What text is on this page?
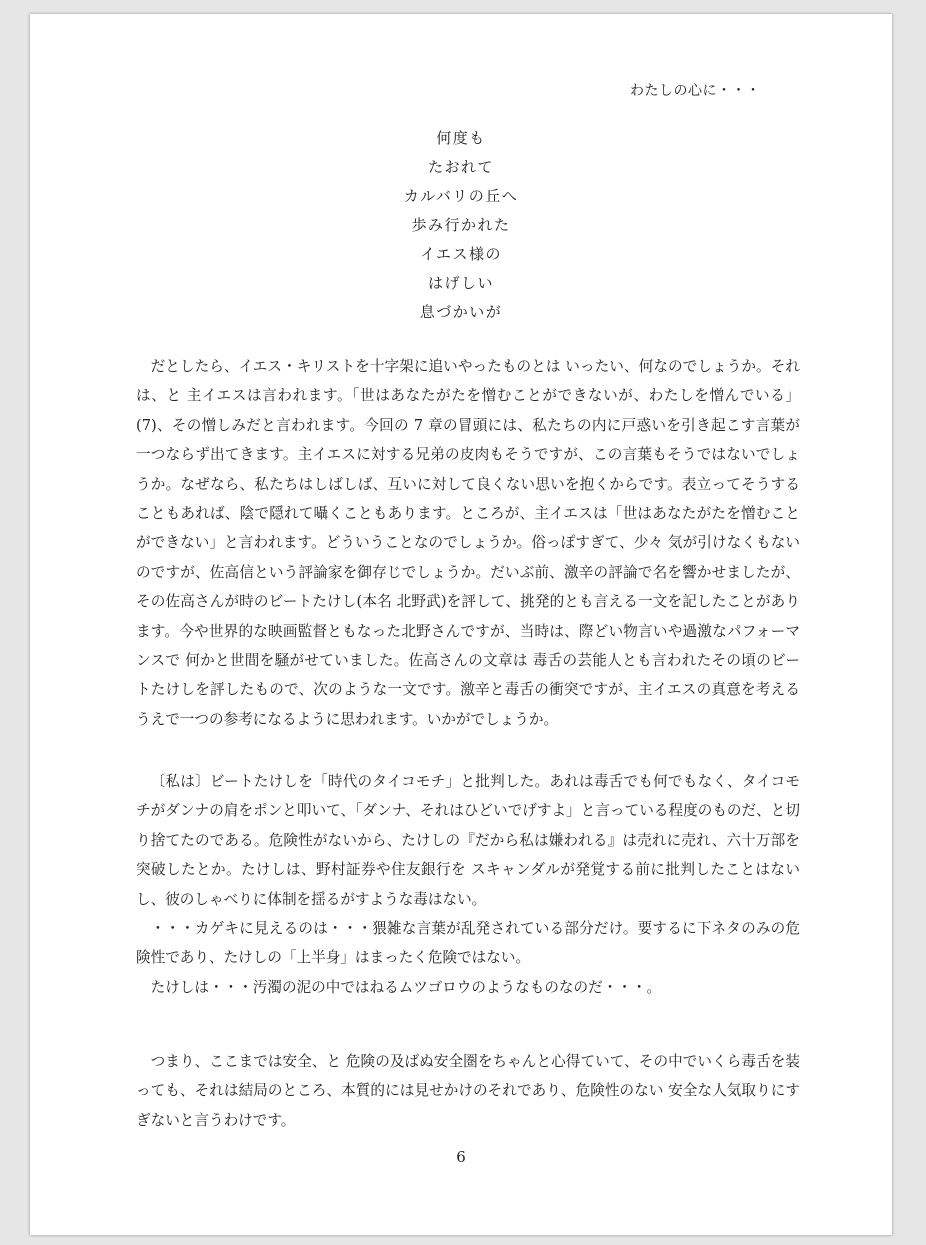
わたしの心に・・・
何度も
たおれて
カルバリの丘へ
歩み行かれた
イエス様の
はげしい
息づかいが
だとしたら、イエス・キリストを十字架に追いやったものとは いったい、何なのでしょうか。それは、と 主イエスは言われます。「世はあなたがたを憎むことができないが、わたしを憎んでいる」(7)、その憎しみだと言われます。今回の 7 章の冒頭には、私たちの内に戸惑いを引き起こす言葉が一つならず出てきます。主イエスに対する兄弟の皮肉もそうですが、この言葉もそうではないでしょうか。なぜなら、私たちはしばしば、互いに対して良くない思いを抱くからです。表立ってそうすることもあれば、陰で隠れて囁くこともあります。ところが、主イエスは「世はあなたがたを憎むことができない」と言われます。どういうことなのでしょうか。俗っぽすぎて、少々 気が引けなくもないのですが、佐高信という評論家を御存じでしょうか。だいぶ前、激辛の評論で名を響かせましたが、その佐高さんが時のビートたけし(本名 北野武)を評して、挑発的とも言える一文を記したことがあります。今や世界的な映画監督ともなった北野さんですが、当時は、際どい物言いや過激なパフォーマンスで 何かと世間を騒がせていました。佐高さんの文章は 毒舌の芸能人とも言われたその頃のビートたけしを評したもので、次のような一文です。激辛と毒舌の衝突ですが、主イエスの真意を考えるうえで一つの参考になるように思われます。いかがでしょうか。
〔私は〕ビートたけしを「時代のタイコモチ」と批判した。あれは毒舌でも何でもなく、タイコモチがダンナの肩をポンと叩いて、「ダンナ、それはひどいでげすよ」と言っている程度のものだ、と切り捨てたのである。危険性がないから、たけしの『だから私は嫌われる』は売れに売れ、六十万部を突破したとか。たけしは、野村証券や住友銀行を スキャンダルが発覚する前に批判したことはないし、彼のしゃべりに体制を揺るがすような毒はない。
・・・カゲキに見えるのは・・・猥雑な言葉が乱発されている部分だけ。要するに下ネタのみの危険性であり、たけしの「上半身」はまったく危険ではない。
たけしは・・・汚濁の泥の中ではねるムツゴロウのようなものなのだ・・・。
つまり、ここまでは安全、と 危険の及ばぬ安全圏をちゃんと心得ていて、その中でいくら毒舌を装っても、それは結局のところ、本質的には見せかけのそれであり、危険性のない 安全な人気取りにすぎないと言うわけです。
6
